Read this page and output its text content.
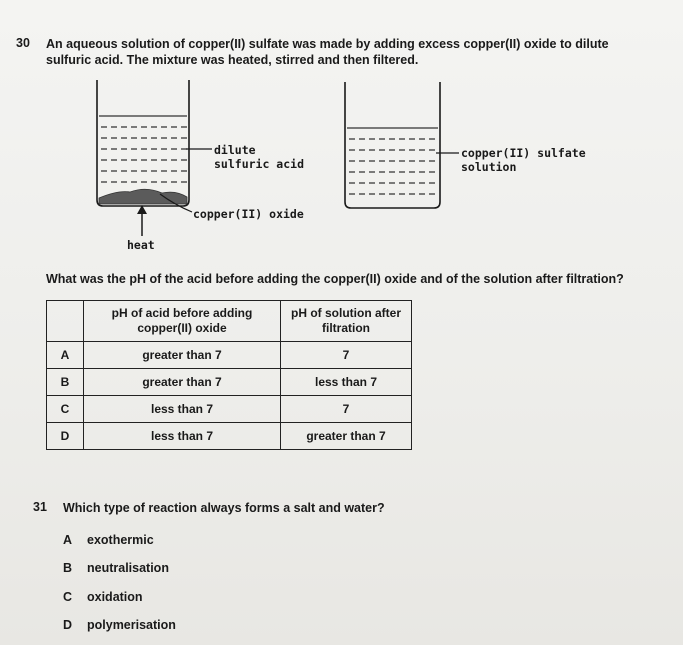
30 An aqueous solution of copper(II) sulfate was made by adding excess copper(II) oxide to dilute
sulfuric acid. The mixture was heated, stirred and then filtered.
dilute
sulfuric acid
copper(II) oxide
heat
copper(II) sulfate
solution
What was the pH of the acid before adding the copper(II) oxide and of the solution after filtration?
	pH of acid before adding copper(II) oxide	pH of solution after filtration
A	greater than 7	7
B	greater than 7	less than 7
C	less than 7	7
D	less than 7	greater than 7
31 Which type of reaction always forms a salt and water?
A exothermic
B neutralisation
C oxidation
D polymerisation
